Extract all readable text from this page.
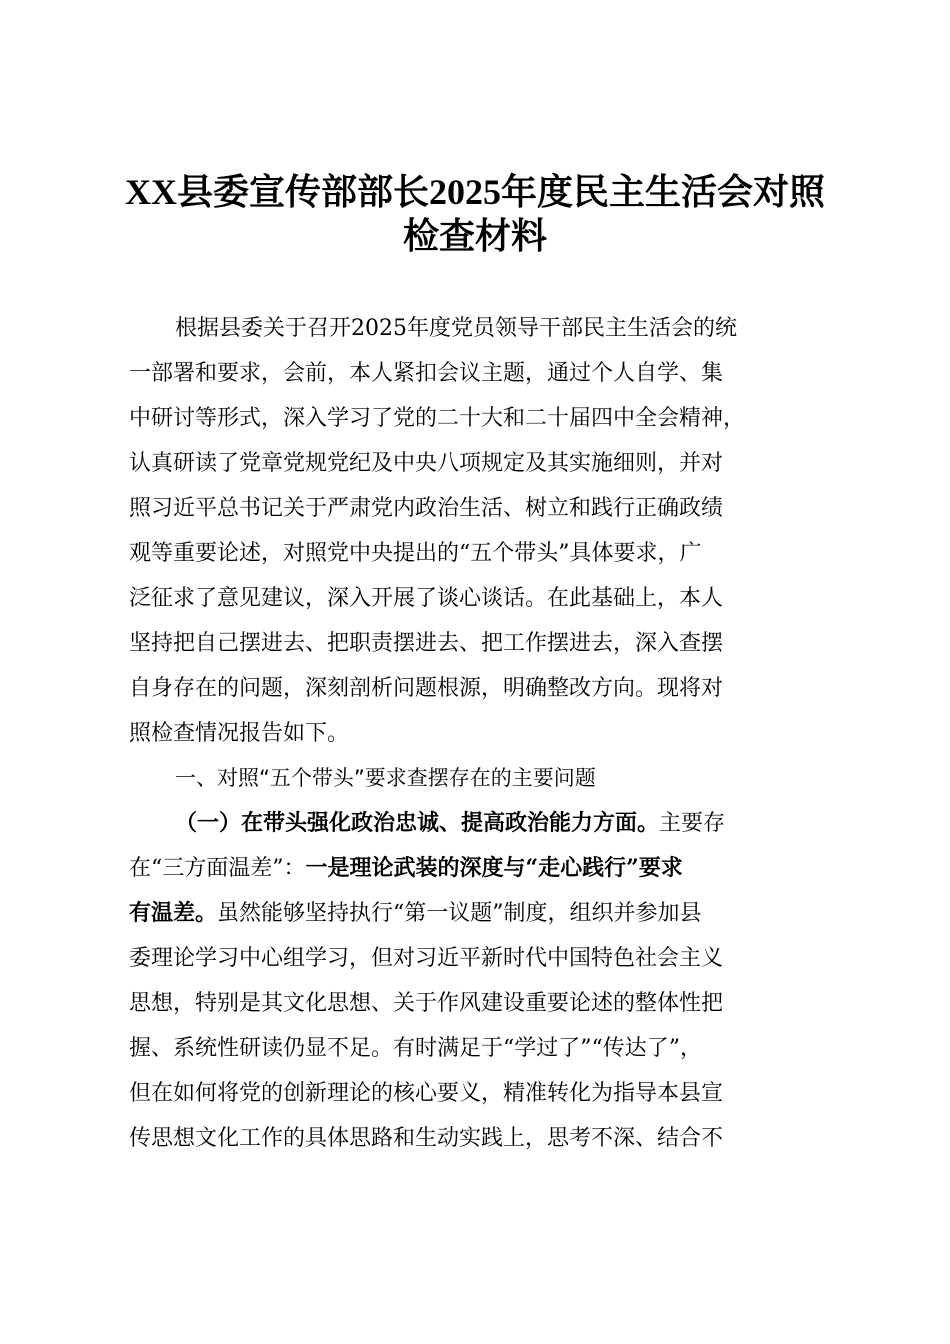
XX县委宣传部部长2025年度民主生活会对照
检查材料
根据县委关于召开2025年度党员领导干部民主生活会的统
一部署和要求，会前，本人紧扣会议主题，通过个人自学、集
中研讨等形式，深入学习了党的二十大和二十届四中全会精神，
认真研读了党章党规党纪及中央八项规定及其实施细则，并对
照习近平总书记关于严肃党内政治生活、树立和践行正确政绩
观等重要论述，对照党中央提出的“五个带头”具体要求，广
泛征求了意见建议，深入开展了谈心谈话。在此基础上，本人
坚持把自己摆进去、把职责摆进去、把工作摆进去，深入查摆
自身存在的问题，深刻剖析问题根源，明确整改方向。现将对
照检查情况报告如下。
一、对照“五个带头”要求查摆存在的主要问题
（一）在带头强化政治忠诚、提高政治能力方面。主要存
在“三方面温差”：一是理论武装的深度与“走心践行”要求
有温差。虽然能够坚持执行“第一议题”制度，组织并参加县
委理论学习中心组学习，但对习近平新时代中国特色社会主义
思想，特别是其文化思想、关于作风建设重要论述的整体性把
握、系统性研读仍显不足。有时满足于“学过了”“传达了”，
但在如何将党的创新理论的核心要义，精准转化为指导本县宣
传思想文化工作的具体思路和生动实践上，思考不深、结合不
